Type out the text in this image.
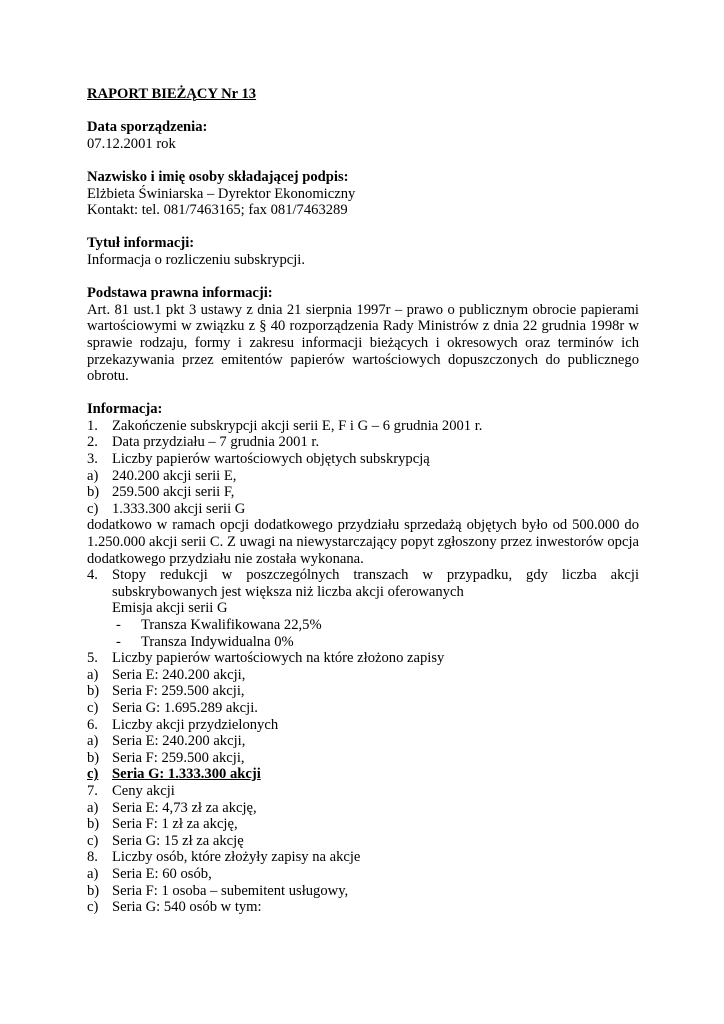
RAPORT BIEŻĄCY Nr 13

Data sporządzenia:

07.12.2001 rok

Nazwisko i imię osoby składającej podpis:

Elżbieta Świniarska – Dyrektor Ekonomiczny

Kontakt: tel. 081/7463165; fax 081/7463289

Tytuł informacji:

Informacja o rozliczeniu subskrypcji.

Podstawa prawna informacji:

Art. 81 ust.1 pkt 3 ustawy z dnia 21 sierpnia 1997r – prawo o publicznym obrocie papierami wartościowymi w związku z § 40 rozporządzenia Rady Ministrów z dnia 22 grudnia 1998r w sprawie rodzaju, formy i zakresu informacji bieżących i okresowych oraz terminów ich przekazywania przez emitentów papierów wartościowych dopuszczonych do publicznego obrotu.

Informacja:

1. Zakończenie subskrypcji akcji serii E, F i G – 6 grudnia 2001 r.
2. Data przydziału – 7 grudnia 2001 r.
3. Liczby papierów wartościowych objętych subskrypcją
a) 240.200 akcji serii E,
b) 259.500 akcji serii F,
c) 1.333.300 akcji serii G

dodatkowo w ramach opcji dodatkowego przydziału sprzedażą objętych było od 500.000 do 1.250.000 akcji serii C. Z uwagi na niewystarczający popyt zgłoszony przez inwestorów opcja dodatkowego przydziału nie została wykonana.

4. Stopy redukcji w poszczególnych transzach w przypadku, gdy liczba akcji subskrybowanych jest większa niż liczba akcji oferowanych

Emisja akcji serii G

-	Transza Kwalifikowana 22,5%
-	Transza Indywidualna 0%
5. Liczby papierów wartościowych na które złożono zapisy
a) Seria E: 240.200 akcji,
b) Seria F: 259.500 akcji,
c) Seria G: 1.695.289 akcji.
6. Liczby akcji przydzielonych
a) Seria E: 240.200 akcji,
b) Seria F: 259.500 akcji,
c) Seria G: 1.333.300 akcji
7. Ceny akcji
a) Seria E: 4,73 zł za akcję,
b) Seria F: 1 zł za akcję,
c) Seria G: 15 zł za akcję
8. Liczby osób, które złożyły zapisy na akcje
a) Seria E: 60 osób,
b) Seria F: 1 osoba – subemitent usługowy,
c) Seria G: 540 osób w tym:
